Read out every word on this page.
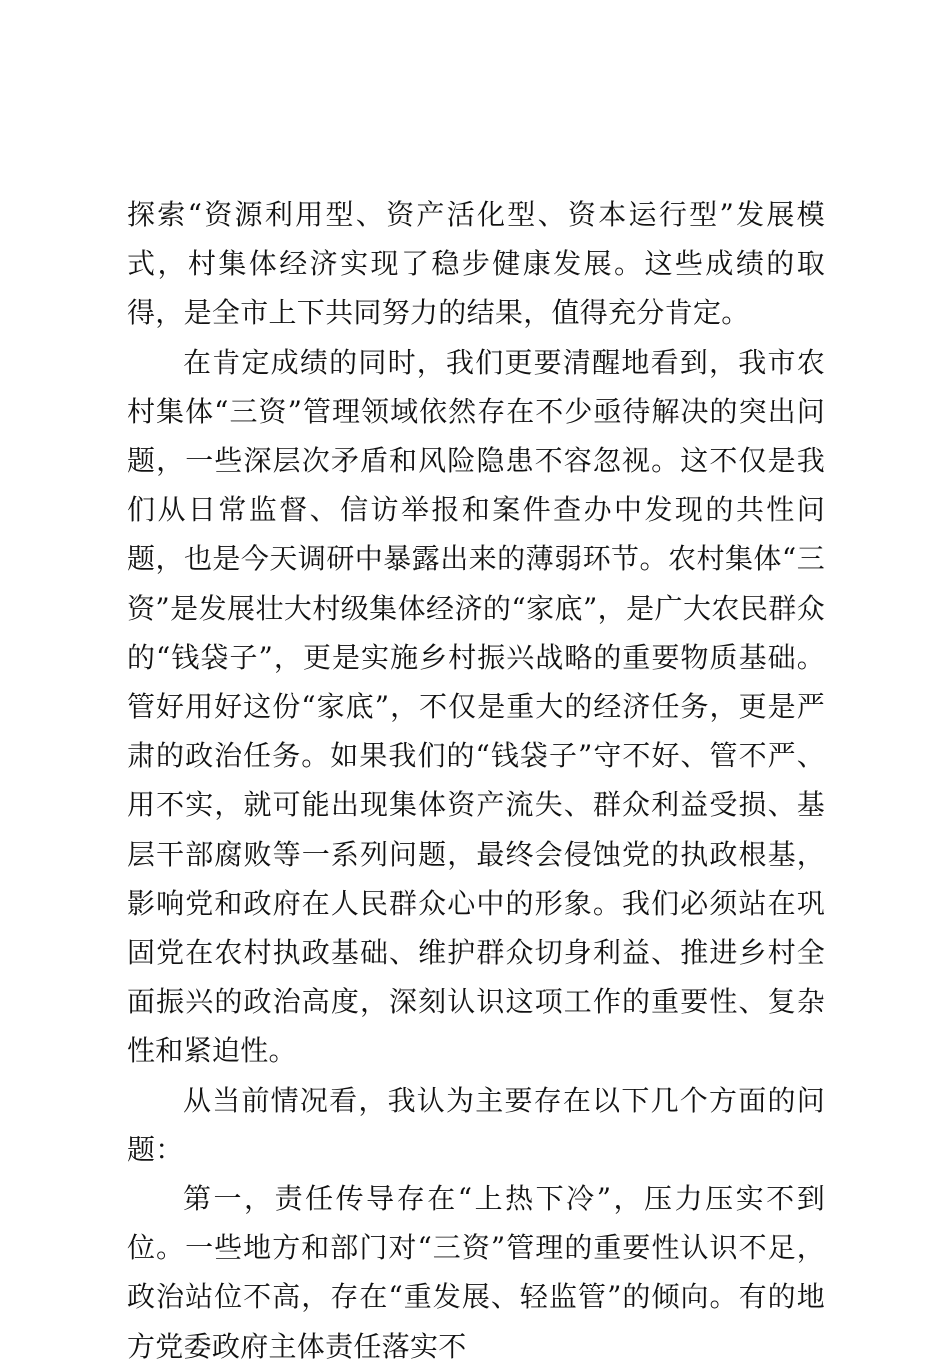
探索“资源利用型、资产活化型、资本运行型”发展模式，村集体经济实现了稳步健康发展。这些成绩的取得，是全市上下共同努力的结果，值得充分肯定。

在肯定成绩的同时，我们更要清醒地看到，我市农村集体“三资”管理领域依然存在不少亟待解决的突出问题，一些深层次矛盾和风险隐患不容忽视。这不仅是我们从日常监督、信访举报和案件查办中发现的共性问题，也是今天调研中暴露出来的薄弱环节。农村集体“三资”是发展壮大村级集体经济的“家底”，是广大农民群众的“钱袋子”，更是实施乡村振兴战略的重要物质基础。管好用好这份“家底”，不仅是重大的经济任务，更是严肃的政治任务。如果我们的“钱袋子”守不好、管不严、用不实，就可能出现集体资产流失、群众利益受损、基层干部腐败等一系列问题，最终会侵蚀党的执政根基，影响党和政府在人民群众心中的形象。我们必须站在巩固党在农村执政基础、维护群众切身利益、推进乡村全面振兴的政治高度，深刻认识这项工作的重要性、复杂性和紧迫性。

从当前情况看，我认为主要存在以下几个方面的问题：

第一，责任传导存在“上热下冷”，压力压实不到位。一些地方和部门对“三资”管理的重要性认识不足，政治站位不高，存在“重发展、轻监管”的倾向。有的地方党委政府主体责任落实不
